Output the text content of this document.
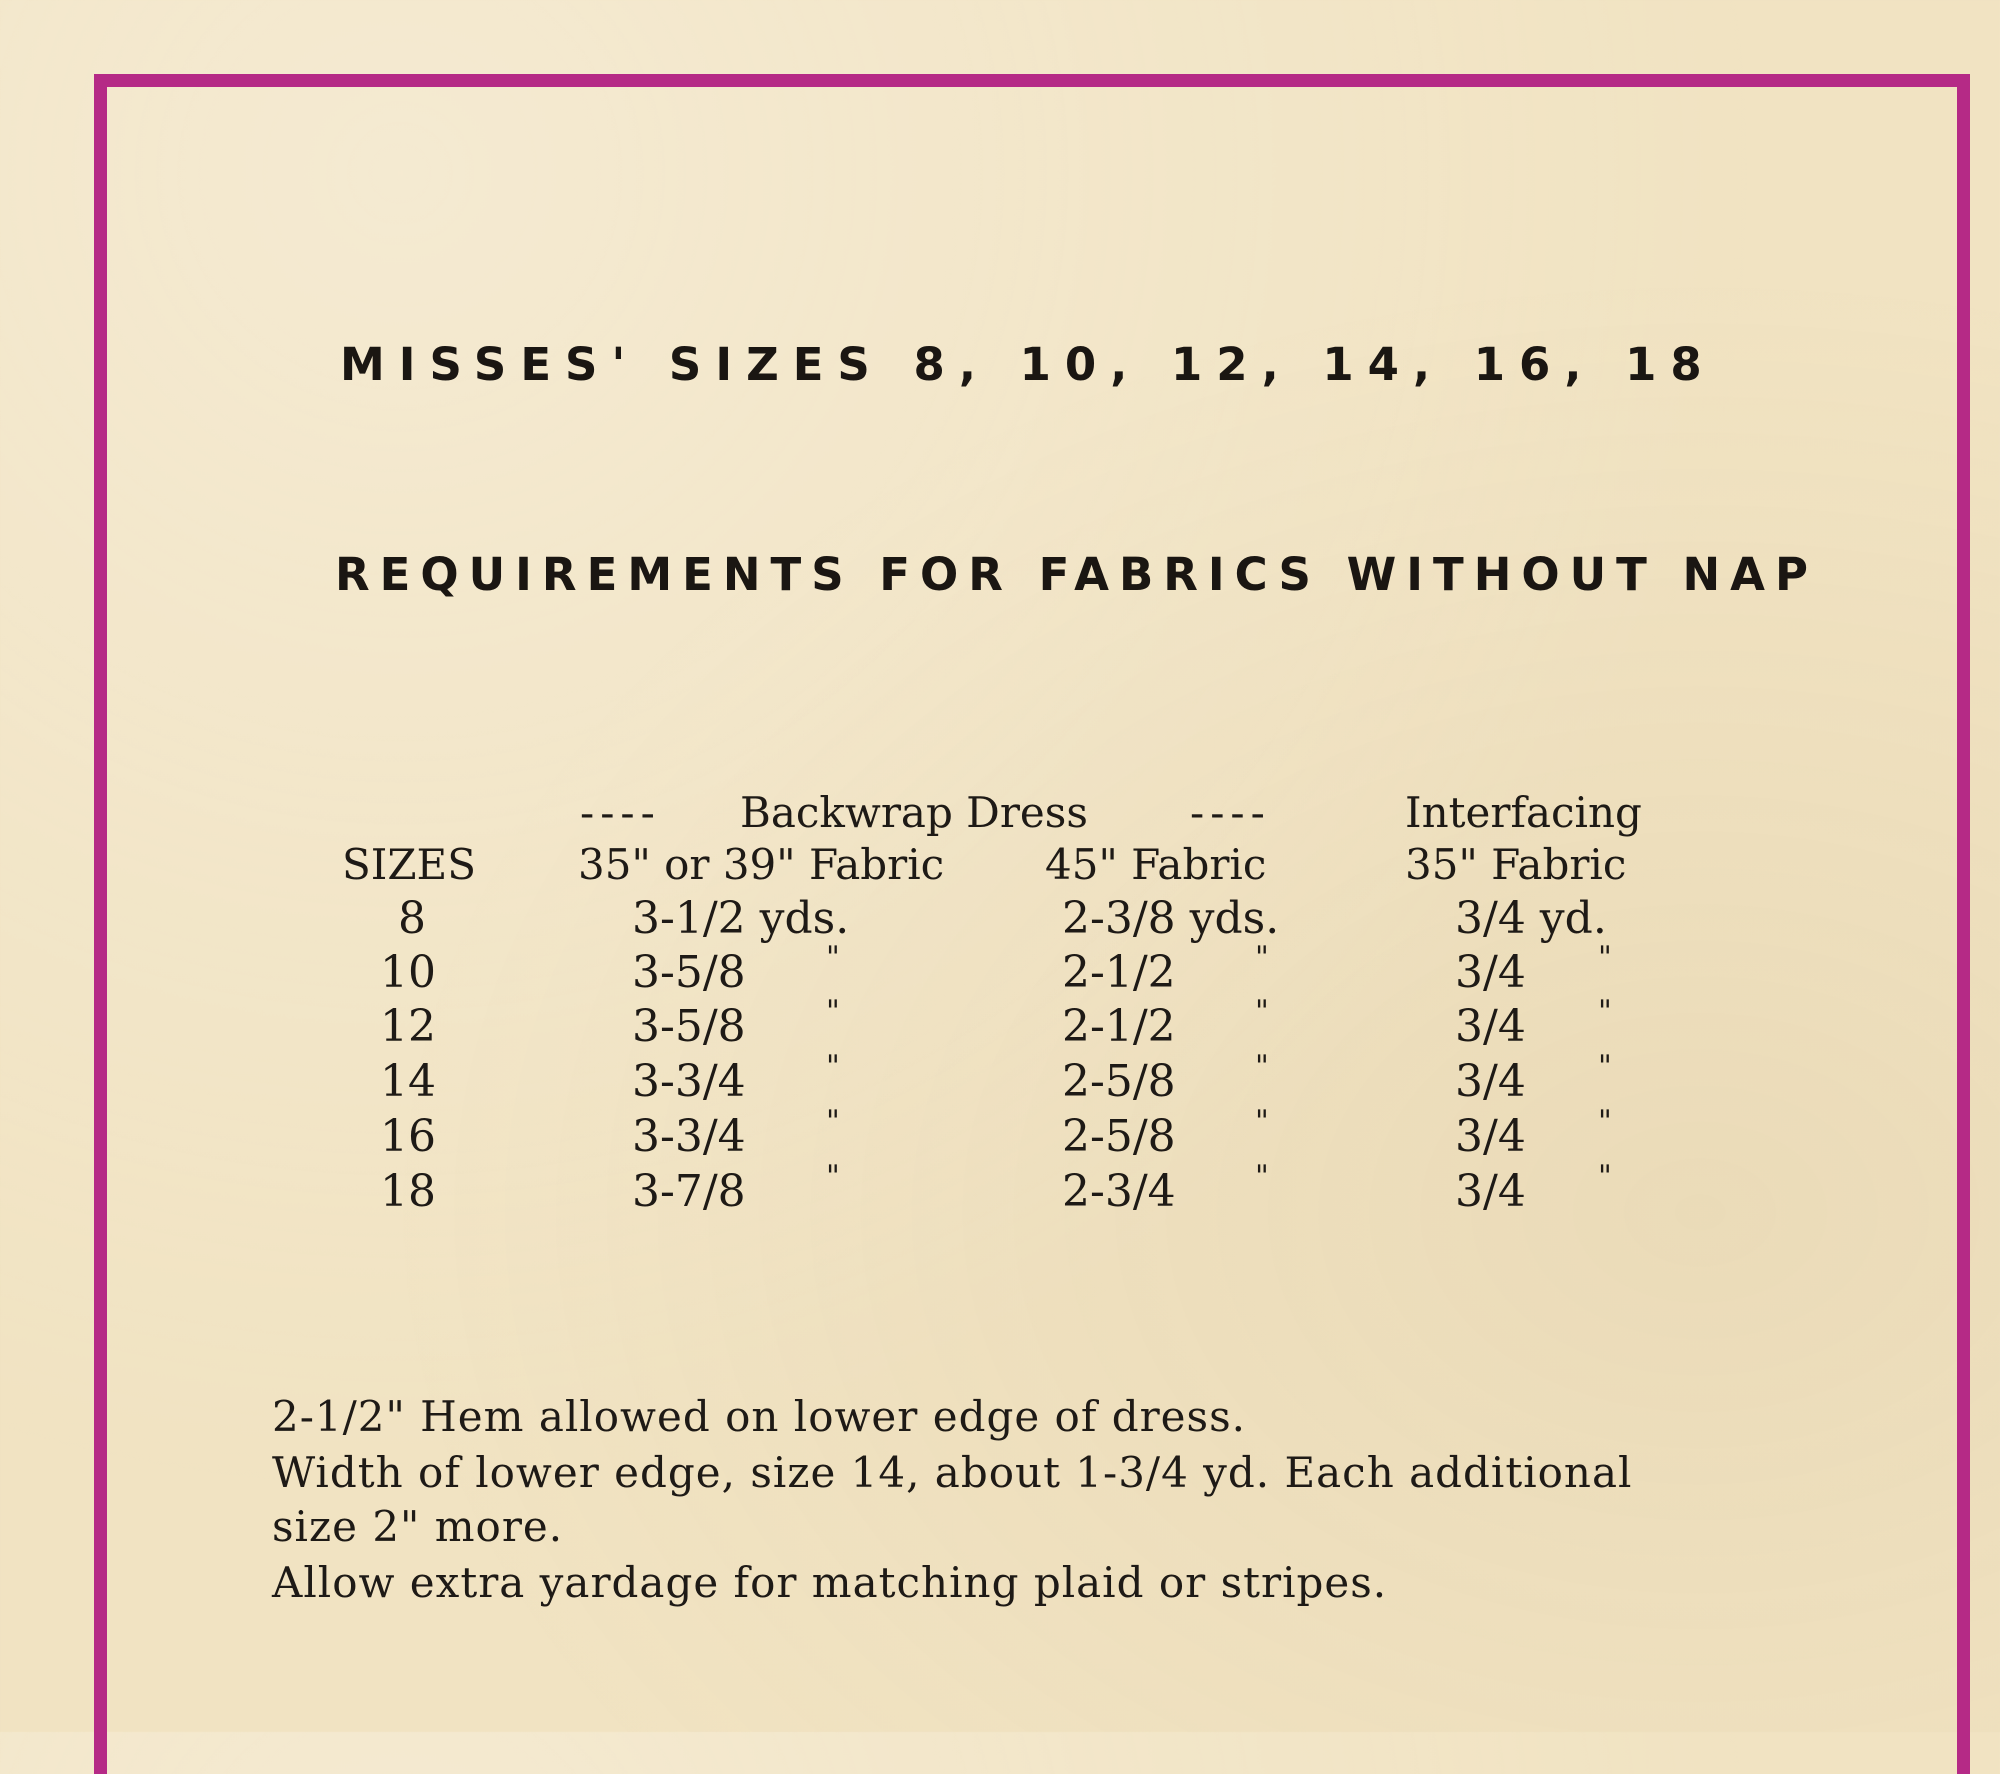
MISSES' SIZES 8, 10, 12, 14, 16, 18
REQUIREMENTS FOR FABRICS WITHOUT NAP
---- Backwrap Dress ----	Interfacing
SIZES 35" or 39" Fabric 45" Fabric	35" Fabric
8	3-1/2 yds.	2-3/8 yds.	3/4 yd.
10	3-5/8	"	2-1/2	"	3/4 "
12	3-5/8	"	2-1/2	"	3/4 "
14	3-3/4	"	2-5/8	"	3/4 "
16	3-3/4	"	2-5/8	"	3/4 "
18	3-7/8	"	2-3/4	"	3/4 "
2-1/2" Hem allowed on lower edge of dress.
Width of lower edge, size 14, about 1-3/4 yd. Each additional
size 2" more.
Allow extra yardage for matching plaid or stripes.
